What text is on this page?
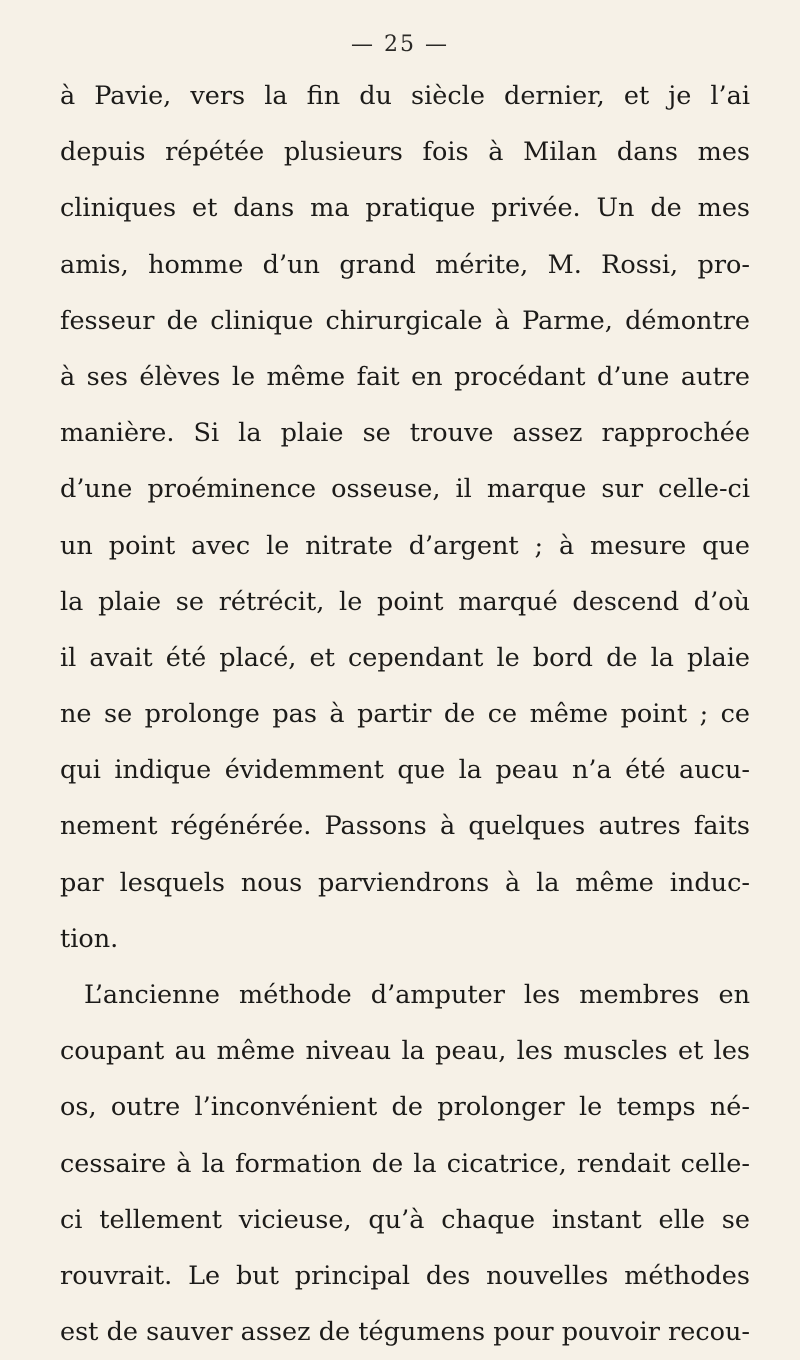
— 25 —
à Pavie, vers la fin du siècle dernier, et je l’ai
depuis répétée plusieurs fois à Milan dans mes
cliniques et dans ma pratique privée. Un de mes
amis, homme d’un grand mérite, M. Rossi, pro-
fesseur de clinique chirurgicale à Parme, démontre
à ses élèves le même fait en procédant d’une autre
manière. Si la plaie se trouve assez rapprochée
d’une proéminence osseuse, il marque sur celle-ci
un point avec le nitrate d’argent ; à mesure que
la plaie se rétrécit, le point marqué descend d’où
il avait été placé, et cependant le bord de la plaie
ne se prolonge pas à partir de ce même point ; ce
qui indique évidemment que la peau n’a été aucu-
nement régénérée. Passons à quelques autres faits
par lesquels nous parviendrons à la même induc-
tion.
L’ancienne méthode d’amputer les membres en
coupant au même niveau la peau, les muscles et les
os, outre l’inconvénient de prolonger le temps né-
cessaire à la formation de la cicatrice, rendait celle-
ci tellement vicieuse, qu’à chaque instant elle se
rouvrait. Le but principal des nouvelles méthodes
est de sauver assez de tégumens pour pouvoir recou-
